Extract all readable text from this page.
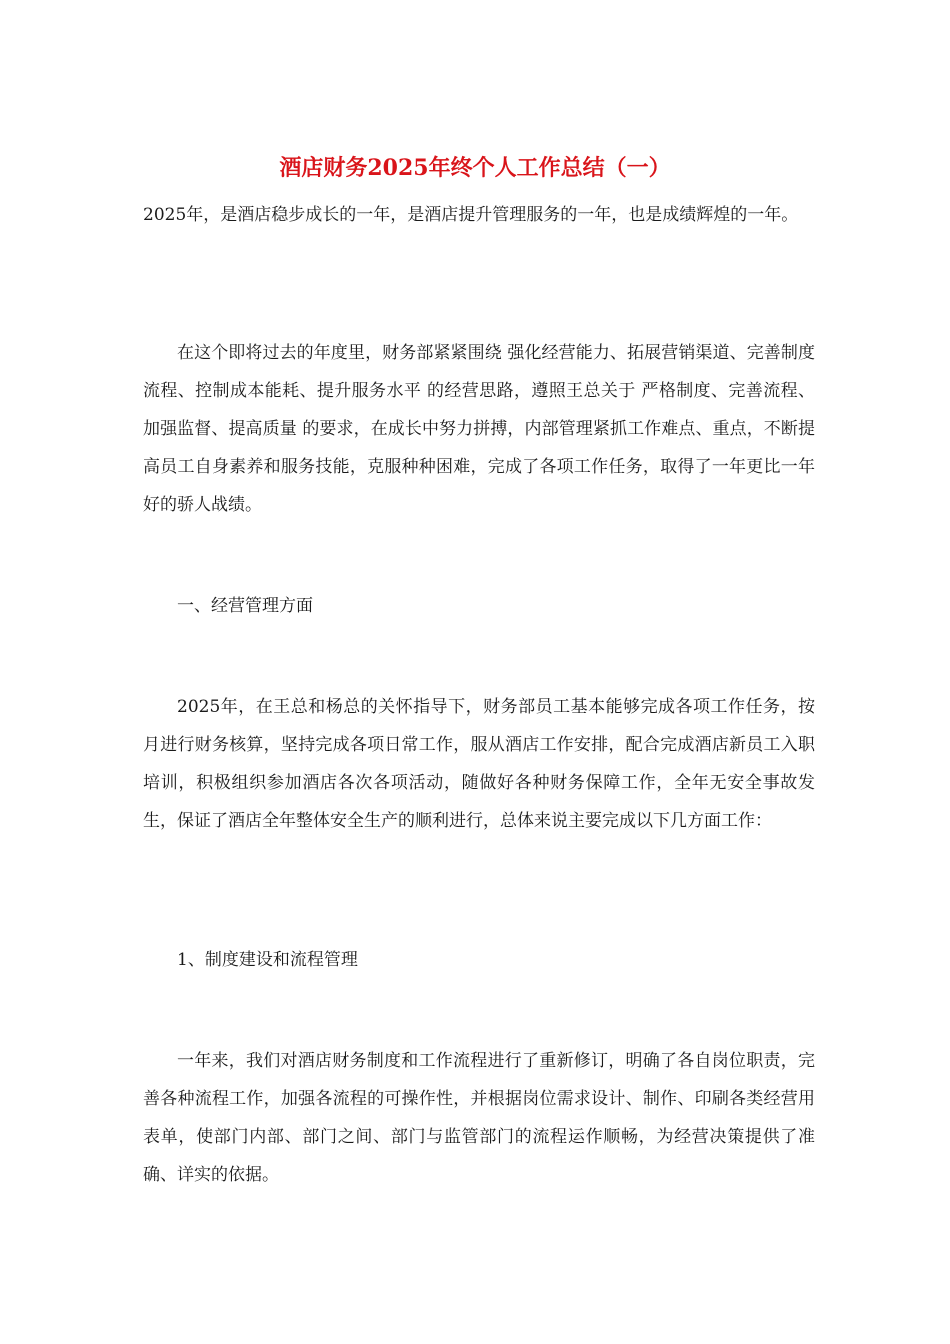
酒店财务2025年终个人工作总结（一）

2025年，是酒店稳步成长的一年，是酒店提升管理服务的一年，也是成绩辉煌的一年。

在这个即将过去的年度里，财务部紧紧围绕 强化经营能力、拓展营销渠道、完善制度流程、控制成本能耗、提升服务水平 的经营思路，遵照王总关于 严格制度、完善流程、加强监督、提高质量 的要求，在成长中努力拼搏，内部管理紧抓工作难点、重点，不断提高员工自身素养和服务技能，克服种种困难，完成了各项工作任务，取得了一年更比一年好的骄人战绩。

一、经营管理方面

2025年，在王总和杨总的关怀指导下，财务部员工基本能够完成各项工作任务，按月进行财务核算，坚持完成各项日常工作，服从酒店工作安排，配合完成酒店新员工入职培训，积极组织参加酒店各次各项活动，随做好各种财务保障工作，全年无安全事故发生，保证了酒店全年整体安全生产的顺利进行，总体来说主要完成以下几方面工作：

1、制度建设和流程管理

一年来，我们对酒店财务制度和工作流程进行了重新修订，明确了各自岗位职责，完善各种流程工作，加强各流程的可操作性，并根据岗位需求设计、制作、印刷各类经营用表单，使部门内部、部门之间、部门与监管部门的流程运作顺畅，为经营决策提供了准确、详实的依据。
